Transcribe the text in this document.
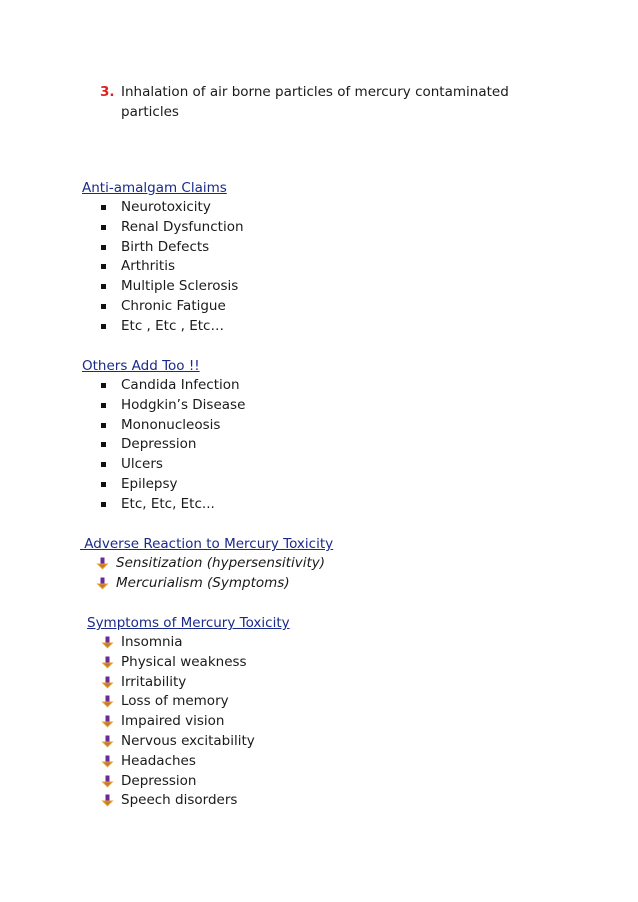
3. Inhalation of air borne particles of mercury contaminated particles
Anti-amalgam Claims
Neurotoxicity
Renal Dysfunction
Birth Defects
Arthritis
Multiple Sclerosis
Chronic Fatigue
Etc , Etc , Etc…
Others Add Too !!
Candida Infection
Hodgkin’s Disease
Mononucleosis
Depression
Ulcers
Epilepsy
Etc, Etc, Etc...
Adverse Reaction to Mercury Toxicity
Sensitization (hypersensitivity)
Mercurialism (Symptoms)
Symptoms of Mercury Toxicity
Insomnia
Physical weakness
Irritability
Loss of memory
Impaired vision
Nervous excitability
Headaches
Depression
Speech disorders
